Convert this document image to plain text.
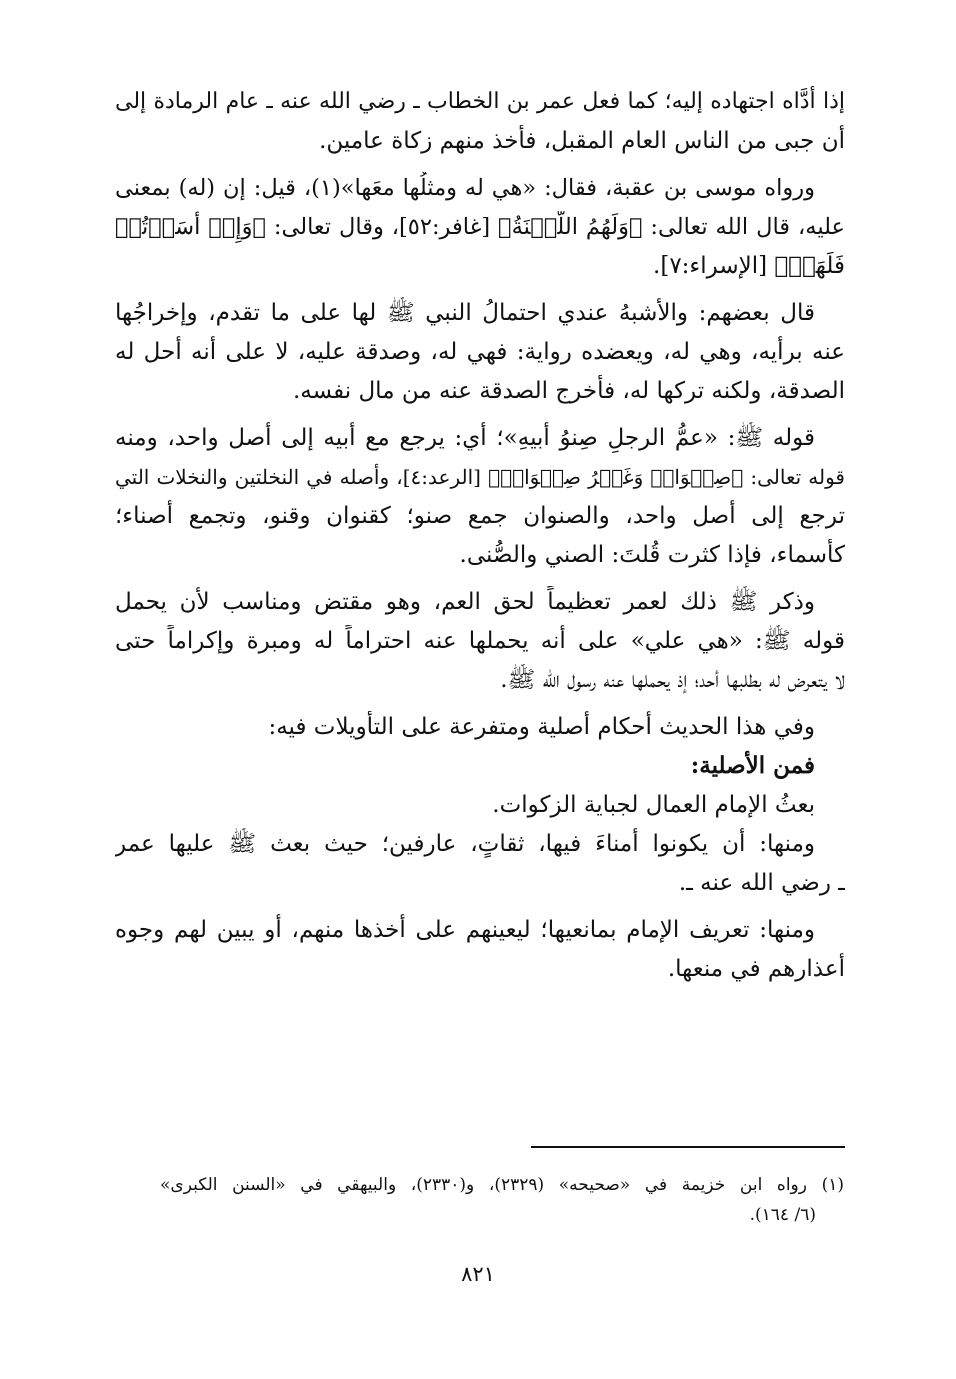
إذا أدَّاه اجتهاده إليه؛ كما فعل عمر بن الخطاب ـ رضي الله عنه ـ عام الرمادة إلى
أن جبى من الناس العام المقبل، فأخذ منهم زكاة عامين.
ورواه موسى بن عقبة، فقال: «هي له ومثلُها معَها»(١)، قيل: إن (له) بمعنى
عليه، قال الله تعالى: ﴿وَلَهُمُ اللَّعۡنَةُ﴾ [غافر:٥٢]، وقال تعالى: ﴿وَإِنۡ أَسَأۡتُمۡ
فَلَهَاۚ﴾ [الإسراء:٧].
قال بعضهم: والأشبهُ عندي احتمالُ النبي ﷺ لها على ما تقدم، وإخراجُها
عنه برأيه، وهي له، ويعضده رواية: فهي له، وصدقة عليه، لا على أنه أحل له
الصدقة، ولكنه تركها له، فأخرج الصدقة عنه من مال نفسه.
قوله ﷺ: «عمُّ الرجلِ صِنوُ أَبيهِ»؛ أي: يرجع مع أبيه إلى أصل واحد، ومنه
قوله تعالى: ﴿صِنۡوَانٞ وَغَيۡرُ صِنۡوَانٖ﴾ [الرعد:٤]، وأصله في النخلتين والنخلات التي
ترجع إلى أصل واحد، والصنوان جمع صنو؛ كقنوان وقنو، وتجمع أصناء؛
كأسماء، فإذا كثرت قُلتَ: الصني والصُّنى.
وذكر ﷺ ذلك لعمر تعظيماً لحق العم، وهو مقتض ومناسب لأن يحمل
قوله ﷺ: «هي علي» على أنه يحملها عنه احتراماً له ومبرة وإكراماً حتى
لا يتعرض له بطلبها أحد؛ إذ يحملها عنه رسول الله ﷺ.
وفي هذا الحديث أحكام أصلية ومتفرعة على التأويلات فيه:
فمن الأصلية:
بعثُ الإمام العمال لجباية الزكوات.
ومنها: أن يكونوا أمناءَ فيها، ثقاتٍ، عارفين؛ حيث بعث ﷺ عليها عمر
ـ رضي الله عنه ـ.
ومنها: تعريف الإمام بمانعيها؛ ليعينهم على أخذها منهم، أو يبين لهم وجوه
أعذارهم في منعها.
(١) رواه ابن خزيمة في «صحيحه» (٢٣٢٩)، و(٢٣٣٠)، والبيهقي في «السنن الكبرى»
(٦/ ١٦٤).
٨٢١
